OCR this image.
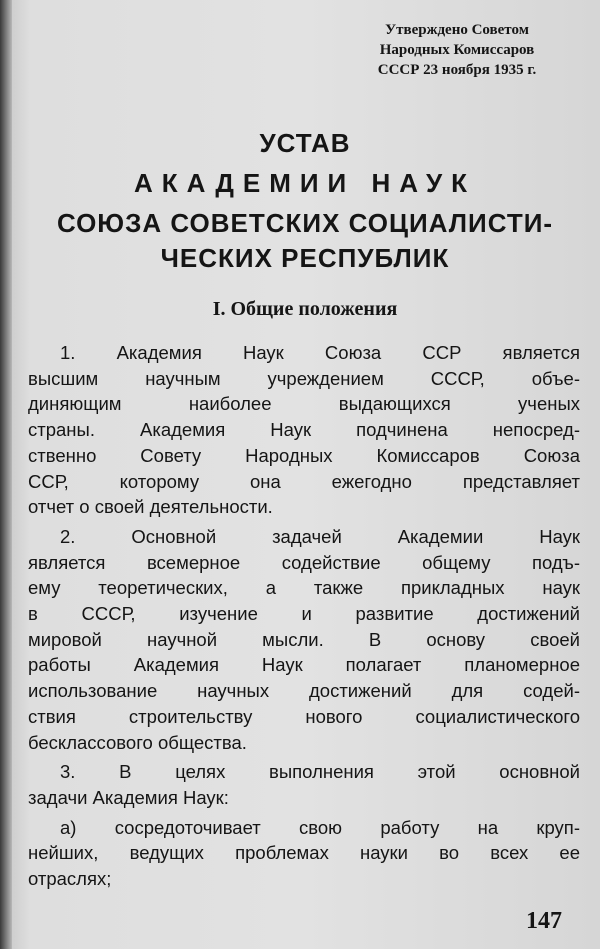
Утверждено Советом
Народных Комиссаров
СССР 23 ноября 1935 г.
УСТАВ
АКАДЕМИИ НАУК
СОЮЗА СОВЕТСКИХ СОЦИАЛИСТИ-
ЧЕСКИХ РЕСПУБЛИК
I. Общие положения
1. Академия Наук Союза ССР является
высшим научным учреждением СССР, объе-
диняющим наиболее выдающихся ученых
страны. Академия Наук подчинена непосред-
ственно Совету Народных Комиссаров Союза
ССР, которому она ежегодно представляет
отчет о своей деятельности.
2. Основной задачей Академии Наук
является всемерное содействие общему подъ-
ему теоретических, а также прикладных наук
в СССР, изучение и развитие достижений
мировой научной мысли. В основу своей
работы Академия Наук полагает планомерное
использование научных достижений для содей-
ствия строительству нового социалистического
бесклассового общества.
3. В целях выполнения этой основной
задачи Академия Наук:
а) сосредоточивает свою работу на круп-
нейших, ведущих проблемах науки во всех ее
отраслях;
147
